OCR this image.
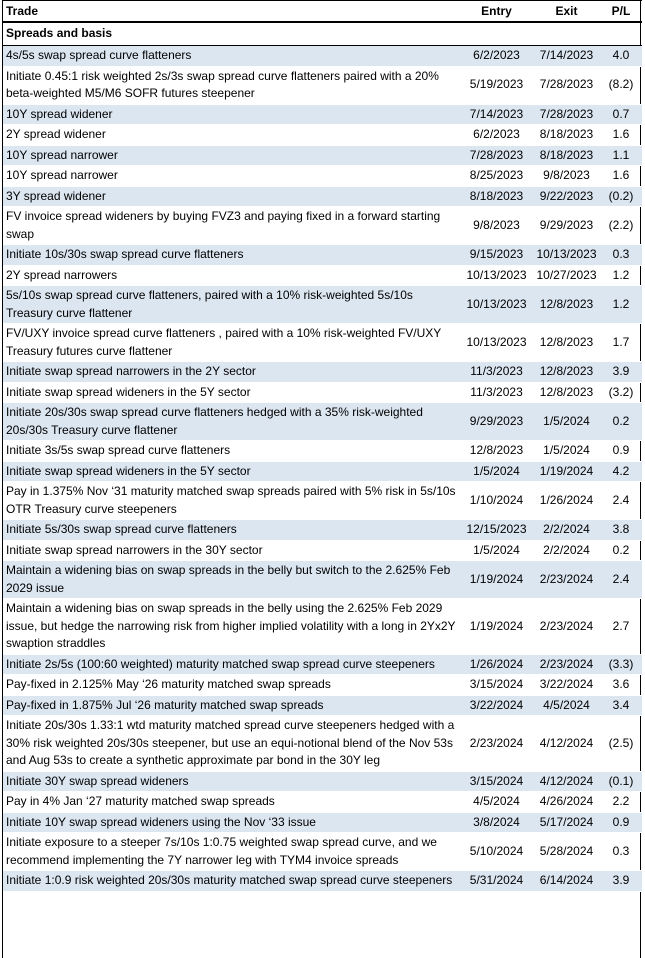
Trade	Entry	Exit	P/L
Spreads and basis			
4s/5s swap spread curve flatteners	6/2/2023	7/14/2023	4.0
Initiate 0.45:1 risk weighted 2s/3s swap spread curve flatteners paired with a 20% beta-weighted M5/M6 SOFR futures steepener	5/19/2023	7/28/2023	(8.2)
10Y spread widener	7/14/2023	7/28/2023	0.7
2Y spread widener	6/2/2023	8/18/2023	1.6
10Y spread narrower	7/28/2023	8/18/2023	1.1
10Y spread narrower	8/25/2023	9/8/2023	1.6
3Y spread widener	8/18/2023	9/22/2023	(0.2)
FV invoice spread wideners by buying FVZ3 and paying fixed in a forward starting swap	9/8/2023	9/29/2023	(2.2)
Initiate 10s/30s swap spread curve flatteners	9/15/2023	10/13/2023	0.3
2Y spread narrowers	10/13/2023	10/27/2023	1.2
5s/10s swap spread curve flatteners, paired with a 10% risk-weighted 5s/10s Treasury curve flattener	10/13/2023	12/8/2023	1.2
FV/UXY invoice spread curve flatteners , paired with a 10% risk-weighted FV/UXY Treasury futures curve flattener	10/13/2023	12/8/2023	1.7
Initiate swap spread narrowers in the 2Y sector	11/3/2023	12/8/2023	3.9
Initiate swap spread wideners in the 5Y sector	11/3/2023	12/8/2023	(3.2)
Initiate 20s/30s swap spread curve flatteners hedged with a 35% risk-weighted 20s/30s Treasury curve flattener	9/29/2023	1/5/2024	0.2
Initiate 3s/5s swap spread curve flatteners	12/8/2023	1/5/2024	0.9
Initiate swap spread wideners in the 5Y sector	1/5/2024	1/19/2024	4.2
Pay in 1.375% Nov ‘31 maturity matched swap spreads paired with 5% risk in 5s/10s OTR Treasury curve steepeners	1/10/2024	1/26/2024	2.4
Initiate 5s/30s swap spread curve flatteners	12/15/2023	2/2/2024	3.8
Initiate swap spread narrowers in the 30Y sector	1/5/2024	2/2/2024	0.2
Maintain a widening bias on swap spreads in the belly but switch to the 2.625% Feb 2029 issue	1/19/2024	2/23/2024	2.4
Maintain a widening bias on swap spreads in the belly using the 2.625% Feb 2029 issue, but hedge the narrowing risk from higher implied volatility with a long in 2Yx2Y swaption straddles	1/19/2024	2/23/2024	2.7
Initiate 2s/5s (100:60 weighted) maturity matched swap spread curve steepeners	1/26/2024	2/23/2024	(3.3)
Pay-fixed in 2.125% May ‘26 maturity matched swap spreads	3/15/2024	3/22/2024	3.6
Pay-fixed in 1.875% Jul ‘26 maturity matched swap spreads	3/22/2024	4/5/2024	3.4
Initiate 20s/30s 1.33:1 wtd maturity matched spread curve steepeners hedged with a 30% risk weighted 20s/30s steepener, but use an equi-notional blend of the Nov 53s and Aug 53s to create a synthetic approximate par bond in the 30Y leg	2/23/2024	4/12/2024	(2.5)
Initiate 30Y swap spread wideners	3/15/2024	4/12/2024	(0.1)
Pay in 4% Jan ‘27 maturity matched swap spreads	4/5/2024	4/26/2024	2.2
Initiate 10Y swap spread wideners using the Nov ‘33 issue	3/8/2024	5/17/2024	0.9
Initiate exposure to a steeper 7s/10s 1:0.75 weighted swap spread curve, and we recommend implementing the 7Y narrower leg with TYM4 invoice spreads	5/10/2024	5/28/2024	0.3
Initiate 1:0.9 risk weighted 20s/30s maturity matched swap spread curve steepeners	5/31/2024	6/14/2024	3.9
